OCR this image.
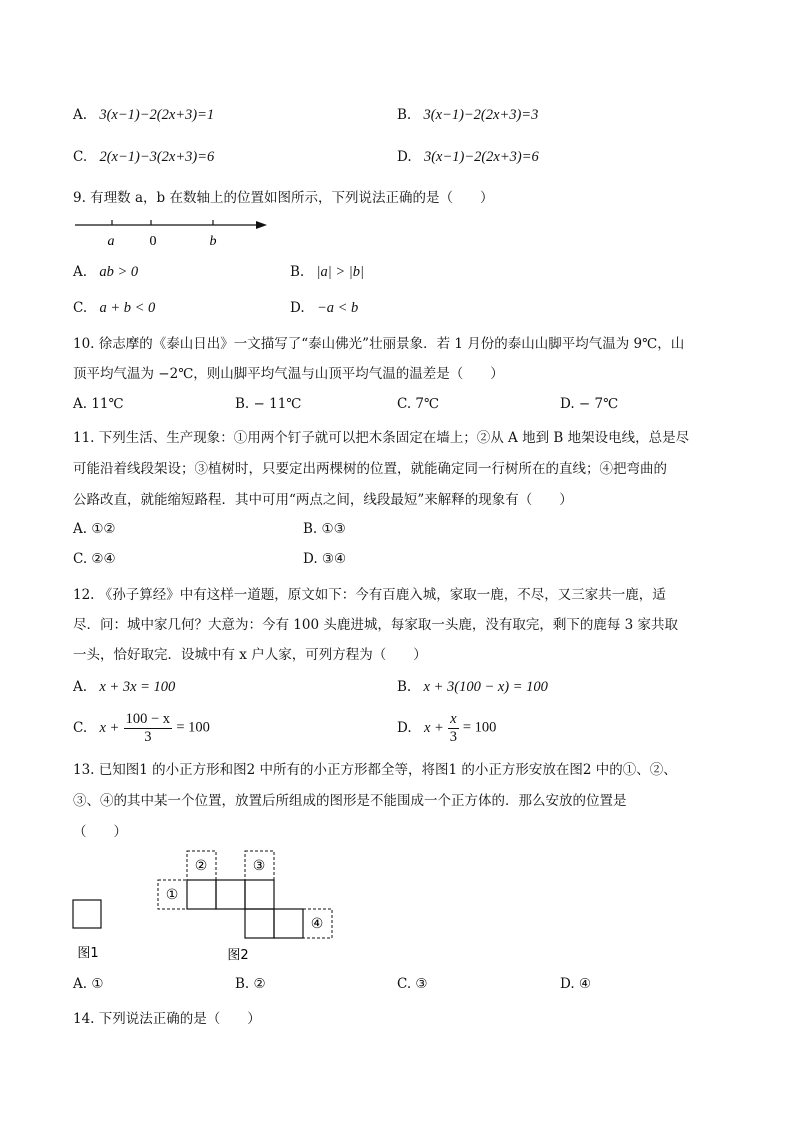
A. 3(x−1)−2(2x+3)=1	B. 3(x−1)−2(2x+3)=3
C. 2(x−1)−3(2x+3)=6	D. 3(x−1)−2(2x+3)=6
9. 有理数 a，b 在数轴上的位置如图所示，下列说法正确的是（　　）
a	0	b
A. ab > 0	B. |a| > |b|
C. a + b < 0	D. −a < b
10. 徐志摩的《泰山日出》一文描写了“泰山佛光”壮丽景象．若 1 月份的泰山山脚平均气温为 9℃，山
顶平均气温为 −2℃，则山脚平均气温与山顶平均气温的温差是（　　）
A. 11℃	B. − 11℃	C. 7℃	D. − 7℃
11. 下列生活、生产现象：①用两个钉子就可以把木条固定在墙上；②从 A 地到 B 地架设电线，总是尽
可能沿着线段架设；③植树时，只要定出两棵树的位置，就能确定同一行树所在的直线；④把弯曲的
公路改直，就能缩短路程．其中可用“两点之间，线段最短”来解释的现象有（　　）
A. ①②	B. ①③
C. ②④	D. ③④
12. 《孙子算经》中有这样一道题，原文如下：今有百鹿入城，家取一鹿，不尽，又三家共一鹿，适
尽．问：城中家几何？大意为：今有 100 头鹿进城，每家取一头鹿，没有取完，剩下的鹿每 3 家共取
一头，恰好取完．设城中有 x 户人家，可列方程为（　　）
A. x + 3x = 100	B. x + 3(100 − x) = 100
C. $x + \frac{100 - x}{3} = 100$	D. $x + \frac{x}{3} = 100$
13. 已知图1 的小正方形和图2 中所有的小正方形都全等，将图1 的小正方形安放在图2 中的①、②、
③、④的其中某一个位置，放置后所组成的图形是不能围成一个正方体的．那么安放的位置是
（　　）
图1
①
②	③
④
图2
A. ①	B. ②	C. ③	D. ④
14. 下列说法正确的是（　　）
